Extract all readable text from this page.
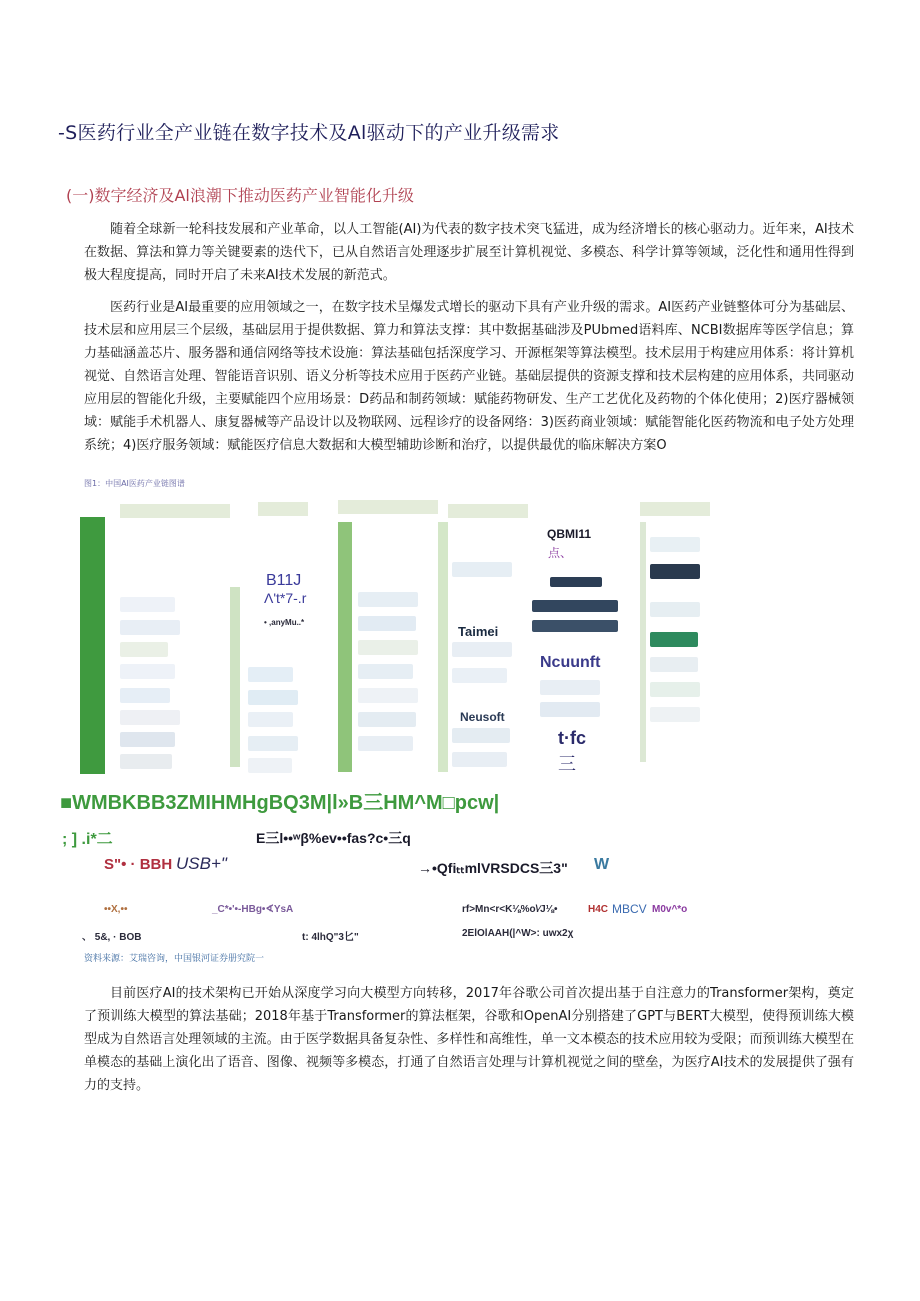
-S医药行业全产业链在数字技术及Al驱动下的产业升级需求
(一)数字经济及Al浪潮下推动医药产业智能化升级

随着全球新一轮科技发展和产业革命，以人工智能(AI)为代表的数字技术突飞猛进，成为经济增长的核心驱动力。近年来，AI技术在数据、算法和算力等关键要素的迭代下，已从自然语言处理逐步扩展至计算机视觉、多模态、科学计算等领域，泛化性和通用性得到极大程度提高，同时开启了未来AI技术发展的新范式。

医药行业是AI最重要的应用领域之一，在数字技术呈爆发式增长的驱动下具有产业升级的需求。AI医药产业链整体可分为基础层、技术层和应用层三个层级，基础层用于提供数据、算力和算法支撑：其中数据基础涉及PUbmed语料库、NCBI数据库等医学信息；算力基础涵盖芯片、服务器和通信网络等技术设施：算法基础包括深度学习、开源框架等算法模型。技术层用于构建应用体系：将计算机视觉、自然语言处理、智能语音识别、语义分析等技术应用于医药产业链。基础层提供的资源支撑和技术层构建的应用体系，共同驱动应用层的智能化升级，主要赋能四个应用场景：D药品和制药领域：赋能药物研发、生产工艺优化及药物的个体化使用；2)医疗器械领域：赋能手术机器人、康复器械等产品设计以及物联网、远程诊疗的设备网络：3)医药商业领域：赋能智能化医药物流和电子处方处理系统；4)医疗服务领域：赋能医疗信息大数据和大模型辅助诊断和治疗，以提供最优的临床解决方案O

图1：中国AI医药产业链图谱
QBMI11
点、
B11J
Λ't*7-.r
• ,anyMu..*
Taimei
Neusoft
Ncuunft
t·fc
三
■WMBKBB3ZMIHMHgBQ3M|l»B三HM^M□pcw|
; ] .i*二	E三l••ʷβ%ev••fas?c•三q
S"• · BBH USB+"	→•QfiₜₜmlVRSDCS三3" W
••X,••	_C*•'•-HBg•∢YsA	rf>Mn<r<K⅛%o\∕J⅛•	H4C MBCV M0v^*o
、 5&, · BOB	t: 4lhQ"3匕"	2ElOlAAH(|^W>: uwx2χ
资料来源：艾瑞咨询，中国银河证券册究院一

目前医疗AI的技术架构已开始从深度学习向大模型方向转移，2017年谷歌公司首次提出基于自注意力的Transformer架构，奠定了预训练大模型的算法基础；2018年基于Transformer的算法框架，谷歌和OpenAI分别搭建了GPT与BERT大模型，使得预训练大模型成为自然语言处理领域的主流。由于医学数据具备复杂性、多样性和高维性，单一文本模态的技术应用较为受限；而预训练大模型在单模态的基础上演化出了语音、图像、视频等多模态，打通了自然语言处理与计算机视觉之间的壁垒，为医疗AI技术的发展提供了强有力的支持。
